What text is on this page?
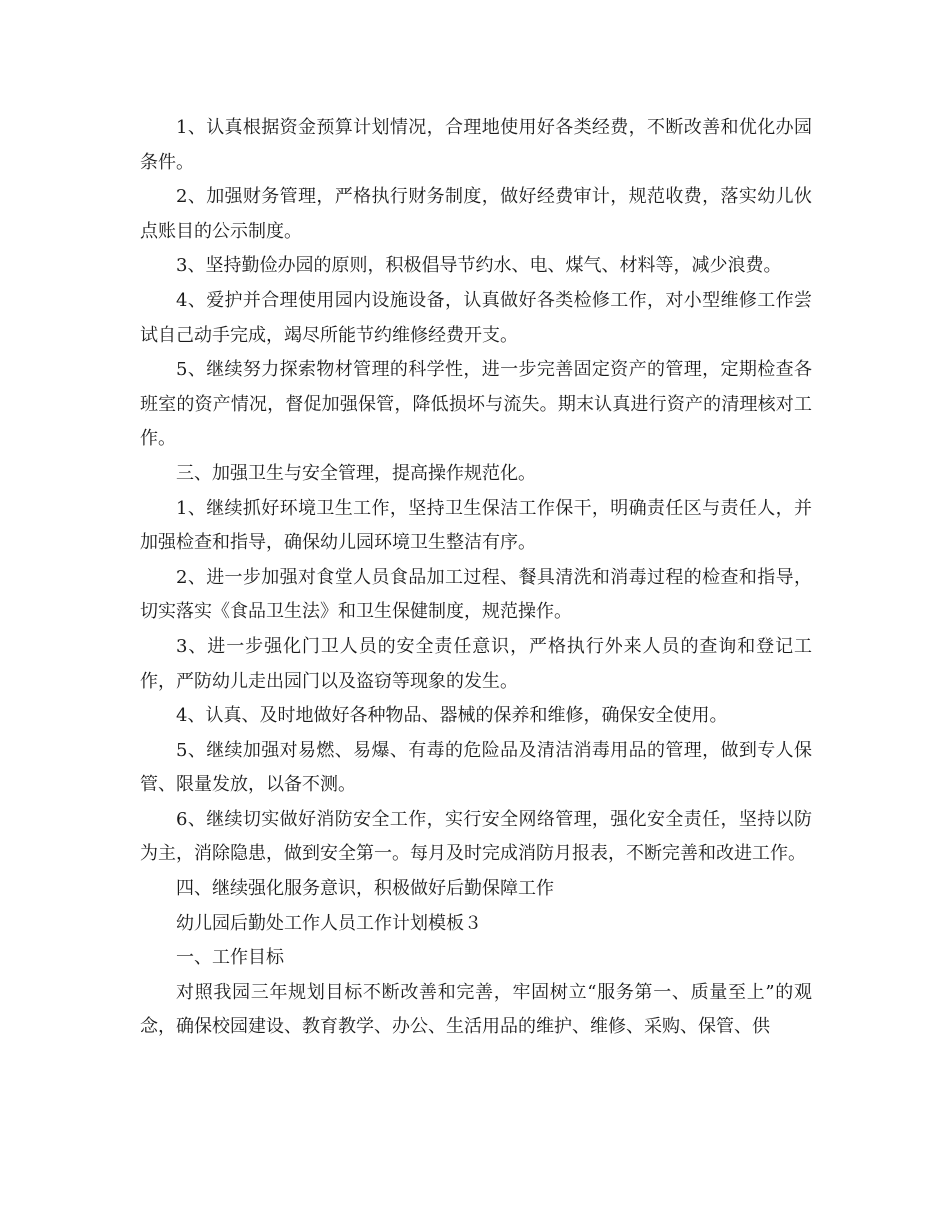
1、认真根据资金预算计划情况，合理地使用好各类经费，不断改善和优化办园条件。

2、加强财务管理，严格执行财务制度，做好经费审计，规范收费，落实幼儿伙点账目的公示制度。

3、坚持勤俭办园的原则，积极倡导节约水、电、煤气、材料等，减少浪费。

4、爱护并合理使用园内设施设备，认真做好各类检修工作，对小型维修工作尝试自己动手完成，竭尽所能节约维修经费开支。

5、继续努力探索物材管理的科学性，进一步完善固定资产的管理，定期检查各班室的资产情况，督促加强保管，降低损坏与流失。期末认真进行资产的清理核对工作。

三、加强卫生与安全管理，提高操作规范化。

1、继续抓好环境卫生工作，坚持卫生保洁工作保干，明确责任区与责任人，并加强检查和指导，确保幼儿园环境卫生整洁有序。

2、进一步加强对食堂人员食品加工过程、餐具清洗和消毒过程的检查和指导，切实落实《食品卫生法》和卫生保健制度，规范操作。

3、进一步强化门卫人员的安全责任意识，严格执行外来人员的查询和登记工作，严防幼儿走出园门以及盗窃等现象的发生。

4、认真、及时地做好各种物品、器械的保养和维修，确保安全使用。

5、继续加强对易燃、易爆、有毒的危险品及清洁消毒用品的管理，做到专人保管、限量发放，以备不测。

6、继续切实做好消防安全工作，实行安全网络管理，强化安全责任，坚持以防为主，消除隐患，做到安全第一。每月及时完成消防月报表，不断完善和改进工作。

四、继续强化服务意识，积极做好后勤保障工作

幼儿园后勤处工作人员工作计划模板３

一、工作目标

对照我园三年规划目标不断改善和完善，牢固树立“服务第一、质量至上”的观念，确保校园建设、教育教学、办公、生活用品的维护、维修、采购、保管、供
